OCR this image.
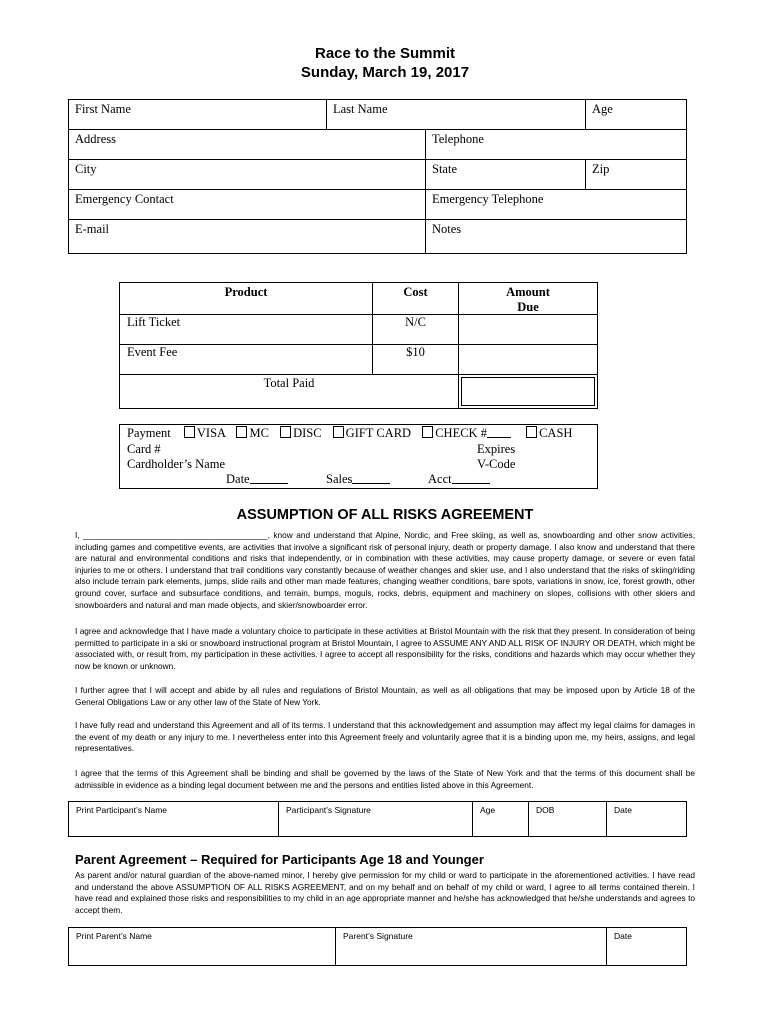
Race to the Summit
Sunday, March 19, 2017
First Name	Last Name	Age
Address	Telephone
City	State	Zip
Emergency Contact	Emergency Telephone
E-mail	Notes
Product	Cost	Amount
Due
Lift Ticket	N/C
Event Fee	$10
Total Paid
Payment VISA MC DISC GIFT CARD CHECK #	CASH
Card #	Expires
Cardholder’s Name	V-Code
Date	Sales	Acct
ASSUMPTION OF ALL RISKS AGREEMENT

I, ________________________________________, know and understand that Alpine, Nordic, and Free skiing, as well as, snowboarding and other snow activities, including games and competitive events, are activities that involve a significant risk of personal injury, death or property damage. I also know and understand that there are natural and environmental conditions and risks that independently, or in combination with these activities, may cause property damage, or severe or even fatal injuries to me or others. I understand that trail conditions vary constantly because of weather changes and skier use, and I also understand that the risks of skiing/riding also include terrain park elements, jumps, slide rails and other man made features, changing weather conditions, bare spots, variations in snow, ice, forest growth, other ground cover, surface and subsurface conditions, and terrain, bumps, moguls, rocks, debris, equipment and machinery on slopes, collisions with other skiers and snowboarders and natural and man made objects, and skier/snowboarder error.

I agree and acknowledge that I have made a voluntary choice to participate in these activities at Bristol Mountain with the risk that they present. In consideration of being permitted to participate in a ski or snowboard instructional program at Bristol Mountain, I agree to ASSUME ANY AND ALL RISK OF INJURY OR DEATH, which might be associated with, or result from, my participation in these activities. I agree to accept all responsibility for the risks, conditions and hazards which may occur whether they now be known or unknown.

I further agree that I will accept and abide by all rules and regulations of Bristol Mountain, as well as all obligations that may be imposed upon by Article 18 of the General Obligations Law or any other law of the State of New York.

I have fully read and understand this Agreement and all of its terms. I understand that this acknowledgement and assumption may affect my legal claims for damages in the event of my death or any injury to me. I nevertheless enter into this Agreement freely and voluntarily agree that it is a binding upon me, my heirs, assigns, and legal representatives.

I agree that the terms of this Agreement shall be binding and shall be governed by the laws of the State of New York and that the terms of this document shall be admissible in evidence as a binding legal document between me and the persons and entities listed above in this Agreement.

Print Participant’s Name	Participant’s Signature	Age	DOB	Date
Parent Agreement – Required for Participants Age 18 and Younger

As parent and/or natural guardian of the above-named minor, I hereby give permission for my child or ward to participate in the aforementioned activities. I have read and understand the above ASSUMPTION OF ALL RISKS AGREEMENT, and on my behalf and on behalf of my child or ward, I agree to all terms contained therein. I have read and explained those risks and responsibilities to my child in an age appropriate manner and he/she has acknowledged that he/she understands and agrees to accept them.

Print Parent’s Name	Parent’s Signature	Date
